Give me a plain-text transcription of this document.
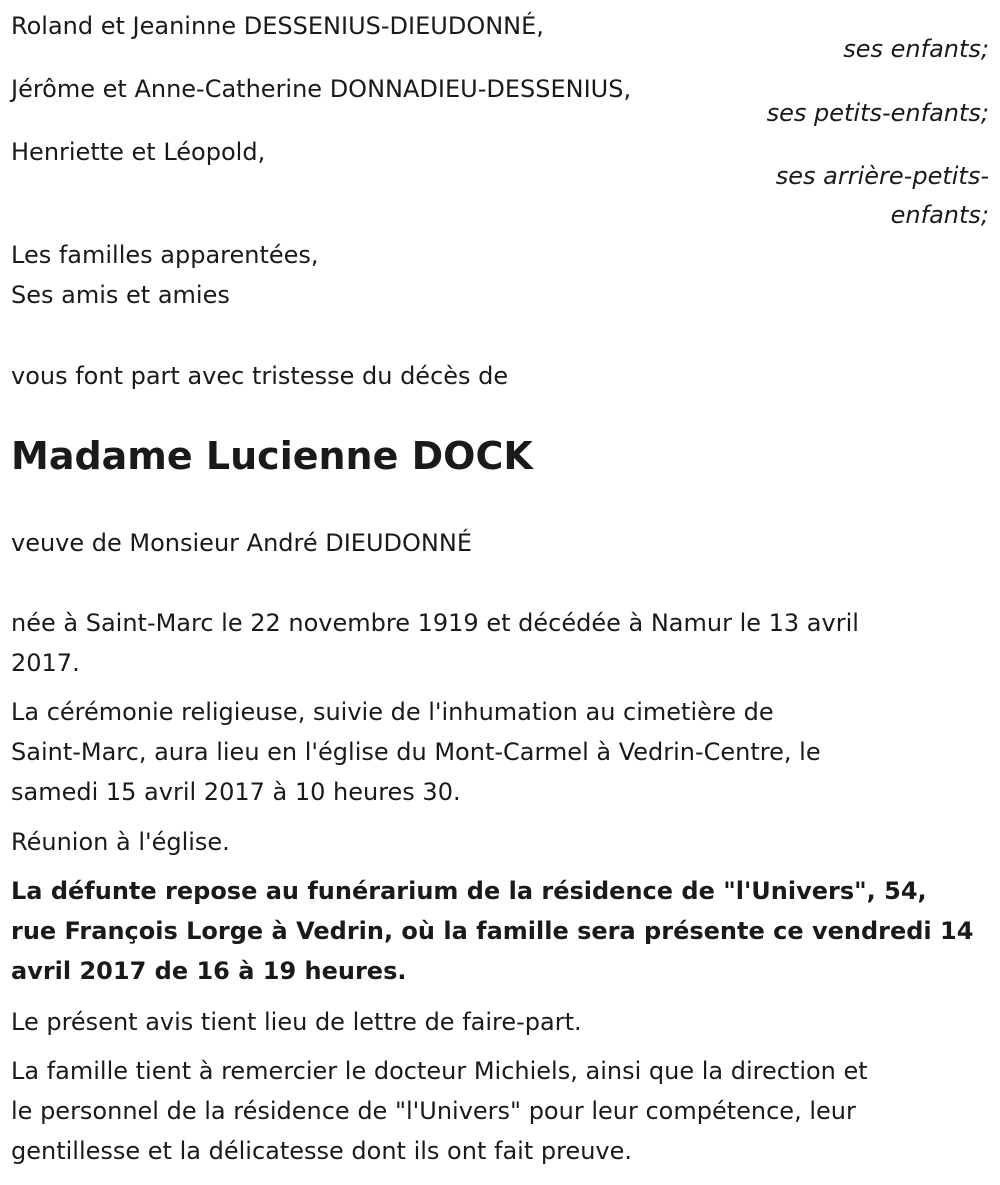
Roland et Jeaninne DESSENIUS-DIEUDONNÉ,

ses enfants;

Jérôme et Anne-Catherine DONNADIEU-DESSENIUS,

ses petits-enfants;

Henriette et Léopold,

ses arrière-petits-

enfants;

Les familles apparentées,

Ses amis et amies

vous font part avec tristesse du décès de

Madame Lucienne DOCK

veuve de Monsieur André DIEUDONNÉ

née à Saint-Marc le 22 novembre 1919 et décédée à Namur le 13 avril
2017.
La cérémonie religieuse, suivie de l'inhumation au cimetière de
Saint-Marc, aura lieu en l'église du Mont-Carmel à Vedrin-Centre, le
samedi 15 avril 2017 à 10 heures 30.

Réunion à l'église.

La défunte repose au funérarium de la résidence de "l'Univers", 54,
rue François Lorge à Vedrin, où la famille sera présente ce vendredi 14
avril 2017 de 16 à 19 heures.

Le présent avis tient lieu de lettre de faire-part.

La famille tient à remercier le docteur Michiels, ainsi que la direction et
le personnel de la résidence de "l'Univers" pour leur compétence, leur
gentillesse et la délicatesse dont ils ont fait preuve.
